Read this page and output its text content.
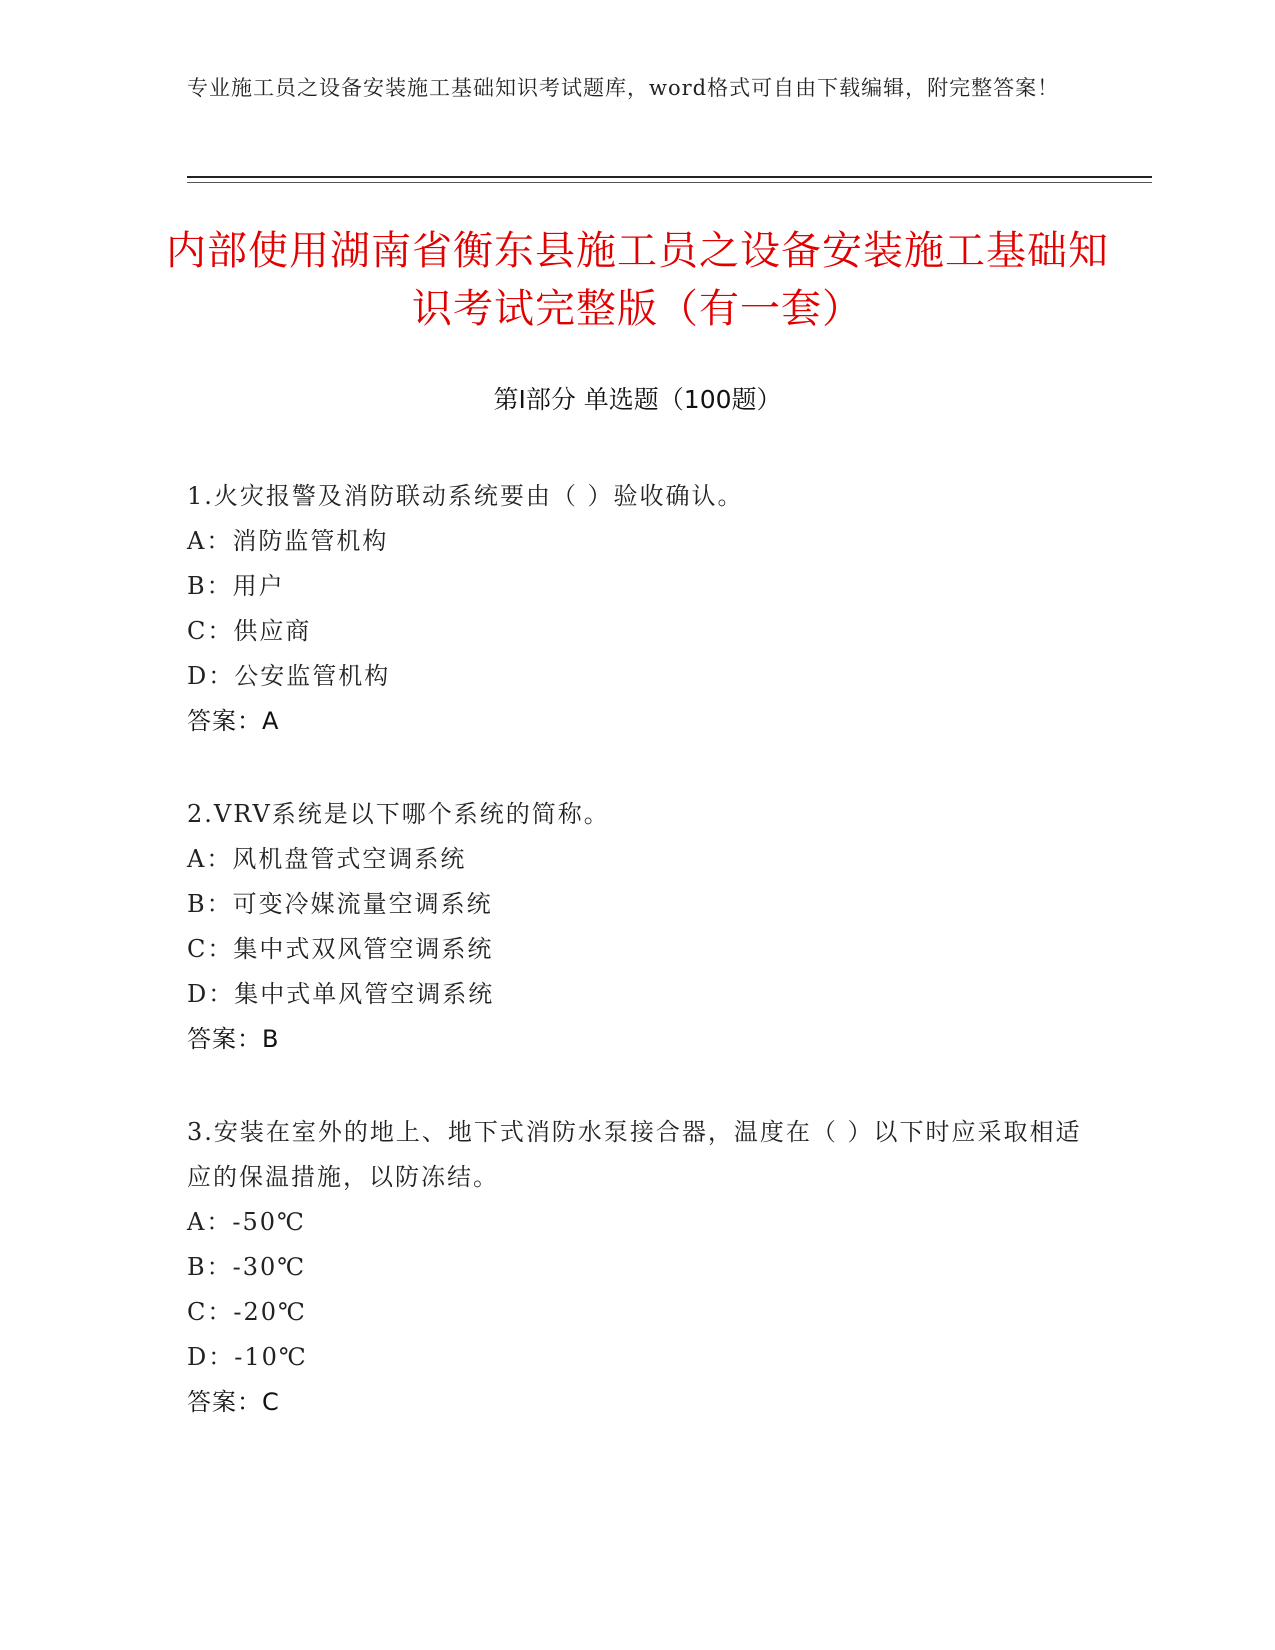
专业施工员之设备安装施工基础知识考试题库，word格式可自由下载编辑，附完整答案！
内部使用湖南省衡东县施工员之设备安装施工基础知识考试完整版（有一套）
第Ⅰ部分 单选题（100题）
1.火灾报警及消防联动系统要由（ ）验收确认。
A：消防监管机构
B：用户
C：供应商
D：公安监管机构
答案：A
2.VRV系统是以下哪个系统的简称。
A：风机盘管式空调系统
B：可变冷媒流量空调系统
C：集中式双风管空调系统
D：集中式单风管空调系统
答案：B
3.安装在室外的地上、地下式消防水泵接合器，温度在（ ）以下时应采取相适应的保温措施，以防冻结。
A：-50℃
B：-30℃
C：-20℃
D：-10℃
答案：C
